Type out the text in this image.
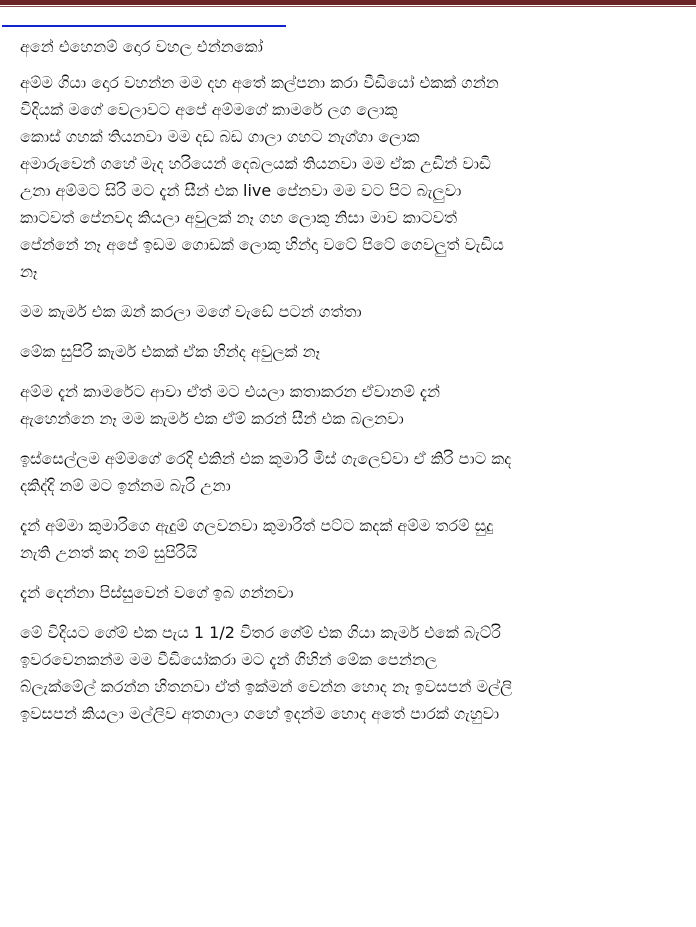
අනේ එහෙනම් දොර වහල එන්නකෝ
අම්ම ගියා දොර වහන්න මම දහ අතේ කල්පනා කරා වීඩියෝ එකක් ගන්න
විදියක් මගේ වෙලාවට අපේ අම්මගේ කාමරේ ලග ලොකු
කොස් ගහක් තියනවා මම දඩ බඩ ගාලා ගහට නැග්ගා ලොක
අමාරුවෙන් ගහේ මැද හරියෙන් දෙබලයක් තියනවා මම ඒක උඩින් වාඩි
උනා අම්මට සිරි මට දැන් සීන් එක live පේනවා මම වට පිට බැලුවා
කාටවත් පේනවද කියලා අවුලක් නෑ ගහ ලොකු නිසා මාව කාටවත්
පේන්නේ නෑ අපේ ඉඩම ගොඩක් ලොකු හින්දා වටේ පිටේ ගෙවලුත් වැඩිය
නෑ
මම කැමර් එක ඔන් කරලා මගේ වැඩේ පටන් ගත්තා
මේක සුපිරි කැමර් එකක් ඒක හින්ද අවුලක් නෑ
අම්ම දැන් කාමරේට ආවා ඒත් මට එයලා කතාකරන ඒවානම් දැන්
ඇහෙන්නෙ නෑ මම කැමර් එක ඒම් කරන් සීන් එක බලනවා
ඉස්සෙල්ලම අම්මගේ රෙදි එකින් එක කුමාරි මිස් ගැලෙව්වා ඒ කිරි පාට කද
දකිද්දි නම් මට ඉන්නම බැරි උනා
දැන් අම්මා කුමාරිගෙ ඇදුම් ගලවනවා කුමාරිත් පට්ට කදක් අම්ම තරම් සුදු
නැති උනත් කද නම් සුපිරියි
දැන් දෙන්නා පිස්සුවෙන් වගේ ඉබ ගන්නවා
මේ විදියට ගේම් එක පැය 1 1/2 විතර ගේම් එක ගියා කැමර් එකේ බැට්රි
ඉවරවෙනකන්ම මම වීඩියෝකරා මට දැන් ගිහින් මේක පෙන්නල
බ්ලැක්මේල් කරන්න හිතනවා ඒත් ඉක්මන් වෙන්න හොද නෑ ඉවසපන් මල්ලි
ඉවසපන් කියලා මල්ලිව අතගාලා ගහේ ඉදන්ම හොද අතේ පාරක් ගැහුවා
